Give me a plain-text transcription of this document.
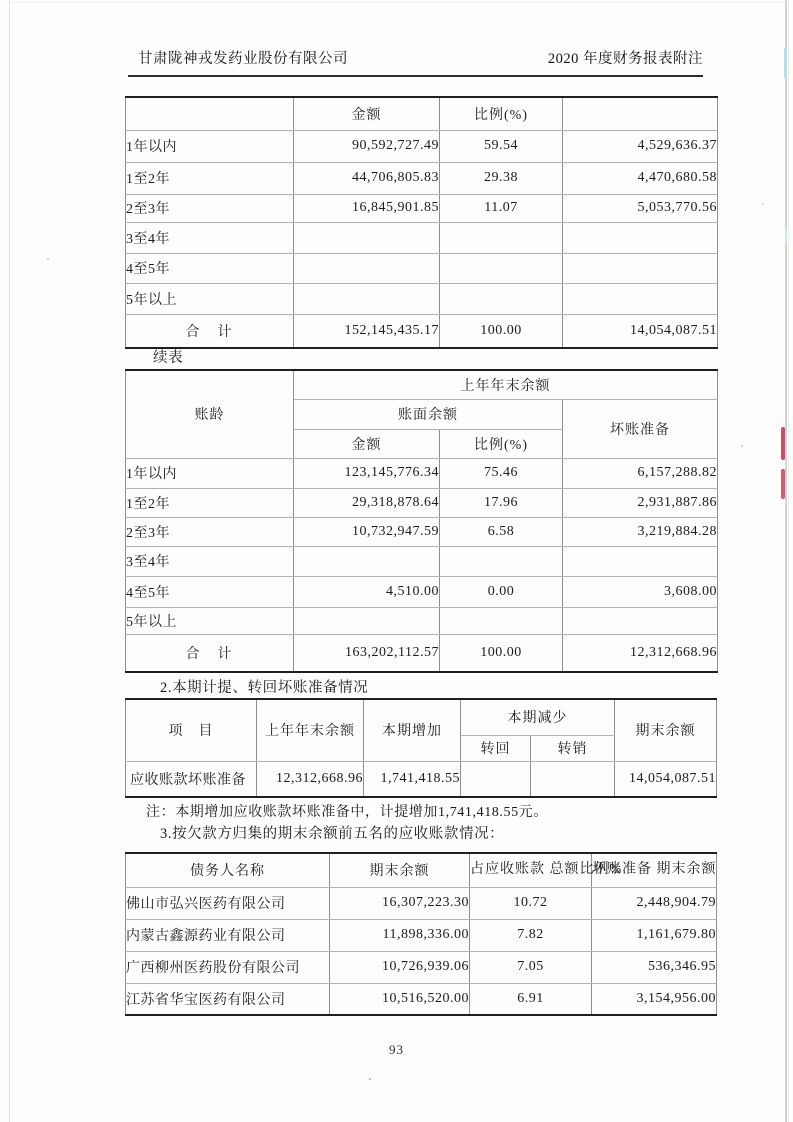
甘肃陇神戎发药业股份有限公司	2020 年度财务报表附注
	金额	比例(%)	
1年以内	90,592,727.49	59.54	4,529,636.37
1至2年	44,706,805.83	29.38	4,470,680.58
2至3年	16,845,901.85	11.07	5,053,770.56
3至4年			
4至5年			
5年以上			
合　计	152,145,435.17	100.00	14,054,087.51
续表
账龄	上年年末余额		
	账面余额		坏账准备
	金额	比例(%)	
1年以内	123,145,776.34	75.46	6,157,288.82
1至2年	29,318,878.64	17.96	2,931,887.86
2至3年	10,732,947.59	6.58	3,219,884.28
3至4年			
4至5年	4,510.00	0.00	3,608.00
5年以上			
合　计	163,202,112.57	100.00	12,312,668.96
2.本期计提、转回坏账准备情况
项　目	上年年末余额	本期增加	本期减少		期末余额
			转回	转销	
应收账款坏账准备	12,312,668.96	1,741,418.55			14,054,087.51
注：本期增加应收账款坏账准备中，计提增加1,741,418.55元。
3.按欠款方归集的期末余额前五名的应收账款情况：
债务人名称	期末余额	占应收账款 总额比例%	坏账准备 期末余额
佛山市弘兴医药有限公司	16,307,223.30	10.72	2,448,904.79
内蒙古鑫源药业有限公司	11,898,336.00	7.82	1,161,679.80
广西柳州医药股份有限公司	10,726,939.06	7.05	536,346.95
江苏省华宝医药有限公司	10,516,520.00	6.91	3,154,956.00
93
